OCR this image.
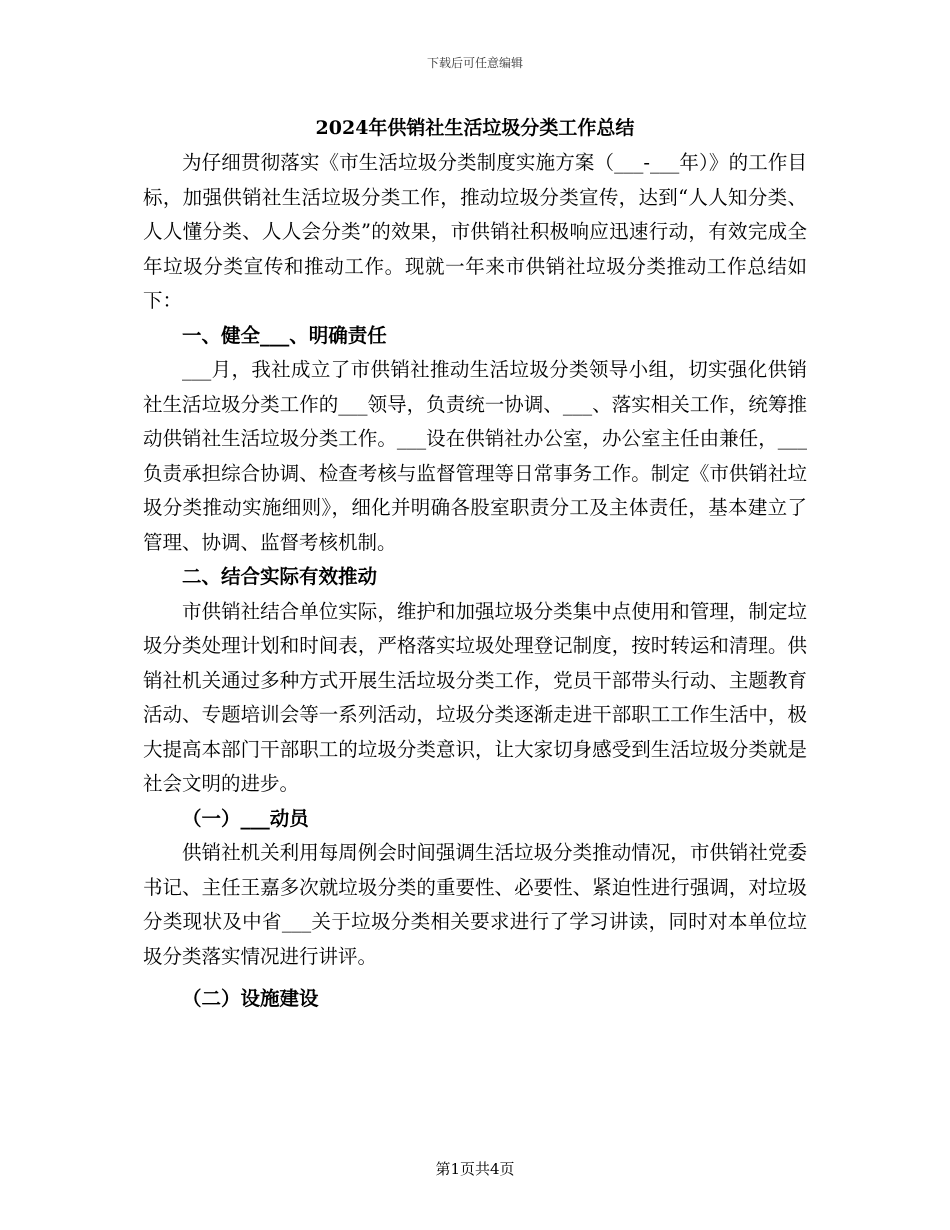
下载后可任意编辑
2024年供销社生活垃圾分类工作总结

为仔细贯彻落实《市生活垃圾分类制度实施方案（___-___年）》的工作目标，加强供销社生活垃圾分类工作，推动垃圾分类宣传，达到“人人知分类、人人懂分类、人人会分类”的效果，市供销社积极响应迅速行动，有效完成全年垃圾分类宣传和推动工作。现就一年来市供销社垃圾分类推动工作总结如下：

一、健全___、明确责任

___月，我社成立了市供销社推动生活垃圾分类领导小组，切实强化供销社生活垃圾分类工作的___领导，负责统一协调、___、落实相关工作，统筹推动供销社生活垃圾分类工作。___设在供销社办公室，办公室主任由兼任，___负责承担综合协调、检查考核与监督管理等日常事务工作。制定《市供销社垃圾分类推动实施细则》，细化并明确各股室职责分工及主体责任，基本建立了管理、协调、监督考核机制。

二、结合实际有效推动

市供销社结合单位实际，维护和加强垃圾分类集中点使用和管理，制定垃圾分类处理计划和时间表，严格落实垃圾处理登记制度，按时转运和清理。供销社机关通过多种方式开展生活垃圾分类工作，党员干部带头行动、主题教育活动、专题培训会等一系列活动，垃圾分类逐渐走进干部职工工作生活中，极大提高本部门干部职工的垃圾分类意识，让大家切身感受到生活垃圾分类就是社会文明的进步。

（一）___动员

供销社机关利用每周例会时间强调生活垃圾分类推动情况，市供销社党委书记、主任王嘉多次就垃圾分类的重要性、必要性、紧迫性进行强调，对垃圾分类现状及中省___关于垃圾分类相关要求进行了学习讲读，同时对本单位垃圾分类落实情况进行讲评。

（二）设施建设

第1页共4页
